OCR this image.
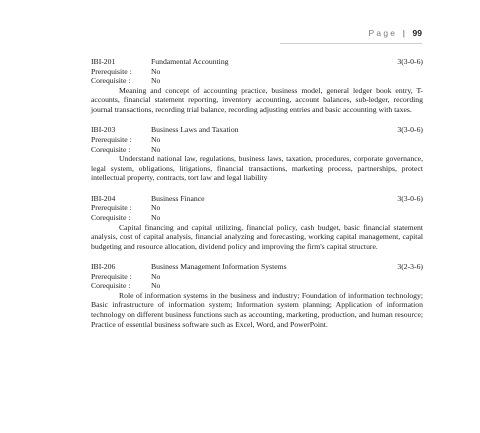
Page | 99
IBI-201	Fundamental Accounting	3(3-0-6)
Prerequisite :	No
Corequisite :	No

Meaning and concept of accounting practice, business model, general ledger book entry, T-accounts, financial statement reporting, inventory accounting, account balances, sub-ledger, recording journal transactions, recording trial balance, recording adjusting entries and basic accounting with taxes.

IBI-203	Business Laws and Taxation	3(3-0-6)
Prerequisite :	No
Corequisite :	No

Understand national law, regulations, business laws, taxation, procedures, corporate governance, legal system, obligations, litigations, financial transactions, marketing process, partnerships, protect intellectual property, contracts, tort law and legal liability

IBI-204	Business Finance	3(3-0-6)
Prerequisite :	No
Corequisite :	No

Capital financing and capital utilizing, financial policy, cash budget, basic financial statement analysis, cost of capital analysis, financial analyzing and forecasting, working capital management, capital budgeting and resource allocation, dividend policy and improving the firm's capital structure.

IBI-206	Business Management Information Systems	3(2-3-6)
Prerequisite :	No
Corequisite :	No

Role of information systems in the business and industry; Foundation of information technology; Basic infrastructure of information system; Information system planning; Application of information technology on different business functions such as accounting, marketing, production, and human resource; Practice of essential business software such as Excel, Word, and PowerPoint.
